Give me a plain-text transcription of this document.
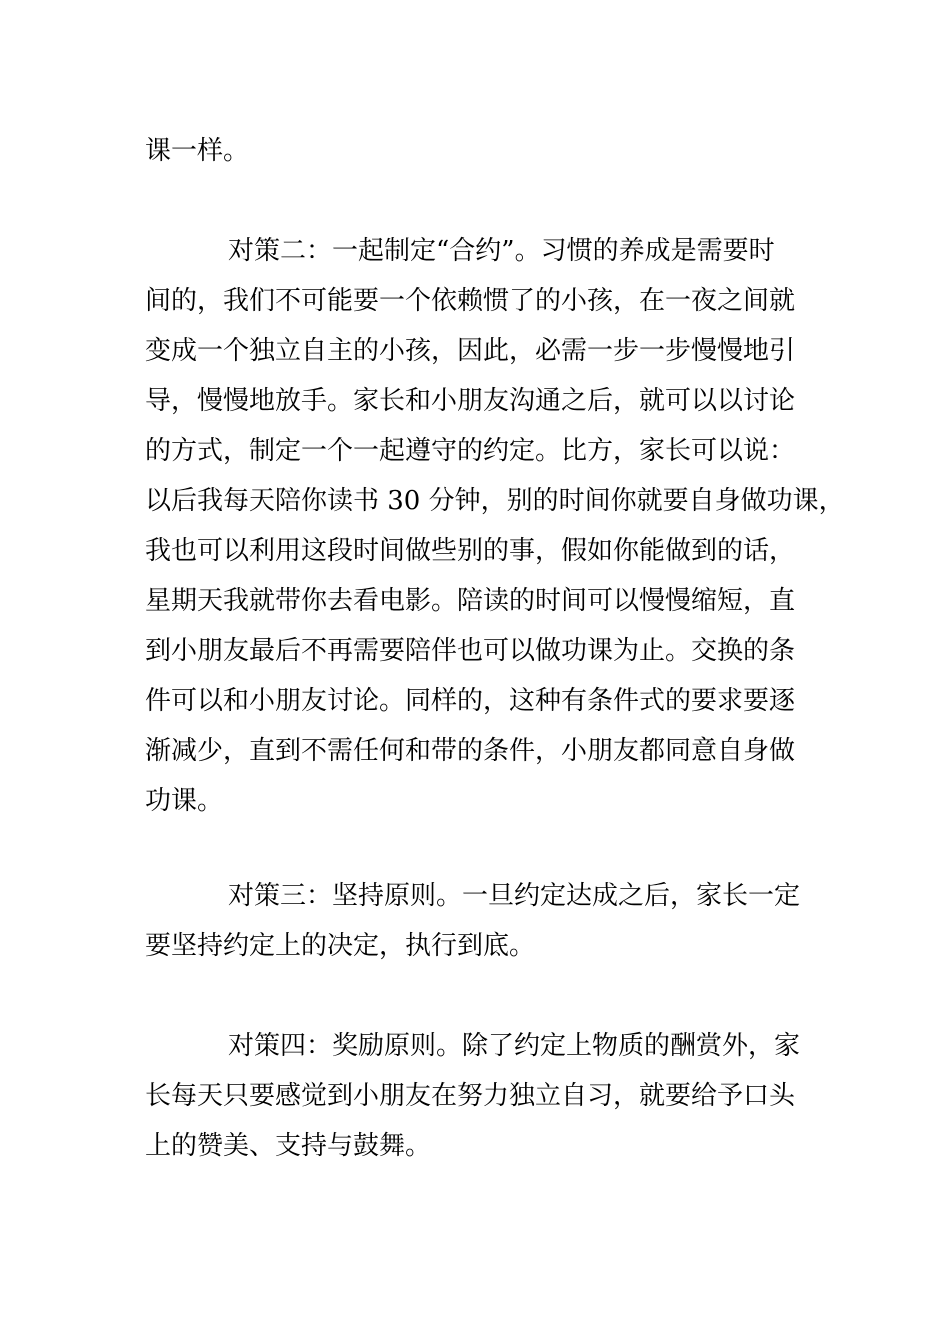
课一样。
对策二：一起制定“合约”。习惯的养成是需要时
间的，我们不可能要一个依赖惯了的小孩，在一夜之间就
变成一个独立自主的小孩，因此，必需一步一步慢慢地引
导，慢慢地放手。家长和小朋友沟通之后，就可以以讨论
的方式，制定一个一起遵守的约定。比方，家长可以说：
以后我每天陪你读书 30 分钟，别的时间你就要自身做功课，
我也可以利用这段时间做些别的事，假如你能做到的话，
星期天我就带你去看电影。陪读的时间可以慢慢缩短，直
到小朋友最后不再需要陪伴也可以做功课为止。交换的条
件可以和小朋友讨论。同样的，这种有条件式的要求要逐
渐减少，直到不需任何和带的条件，小朋友都同意自身做
功课。
对策三：坚持原则。一旦约定达成之后，家长一定
要坚持约定上的决定，执行到底。
对策四：奖励原则。除了约定上物质的酬赏外，家
长每天只要感觉到小朋友在努力独立自习，就要给予口头
上的赞美、支持与鼓舞。
